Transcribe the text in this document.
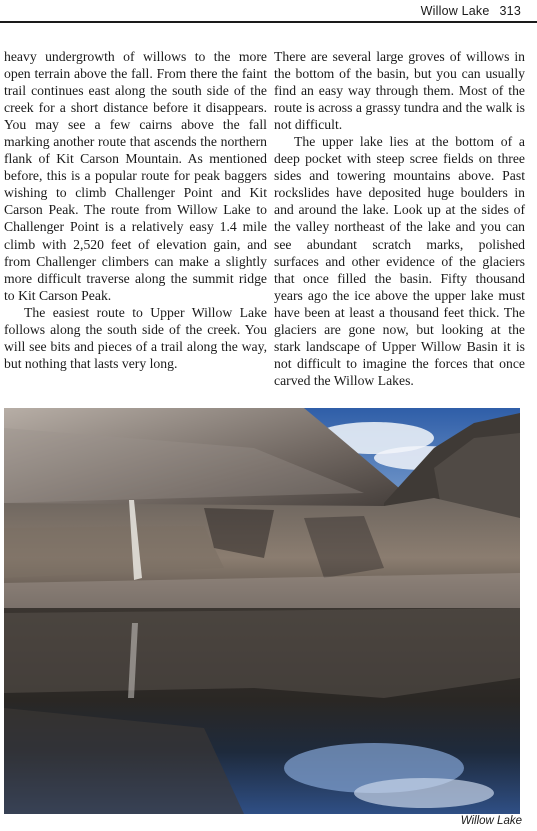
Willow Lake 313

heavy undergrowth of willows to the more open terrain above the fall. From there the faint trail continues east along the south side of the creek for a short distance before it disappears. You may see a few cairns above the fall marking another route that ascends the northern flank of Kit Carson Mountain. As mentioned before, this is a popular route for peak baggers wishing to climb Challenger Point and Kit Carson Peak. The route from Willow Lake to Challenger Point is a relatively easy 1.4 mile climb with 2,520 feet of elevation gain, and from Challenger climbers can make a slightly more difficult traverse along the summit ridge to Kit Carson Peak.

The easiest route to Upper Willow Lake follows along the south side of the creek. You will see bits and pieces of a trail along the way, but nothing that lasts very long.

There are several large groves of willows in the bottom of the basin, but you can usually find an easy way through them. Most of the route is across a grassy tundra and the walk is not difficult.

The upper lake lies at the bottom of a deep pocket with steep scree fields on three sides and towering mountains above. Past rockslides have deposited huge boulders in and around the lake. Look up at the sides of the valley northeast of the lake and you can see abundant scratch marks, polished surfaces and other evidence of the glaciers that once filled the basin. Fifty thousand years ago the ice above the upper lake must have been at least a thousand feet thick. The glaciers are gone now, but looking at the stark landscape of Upper Willow Basin it is not difficult to imagine the forces that once carved the Willow Lakes.

Willow Lake
